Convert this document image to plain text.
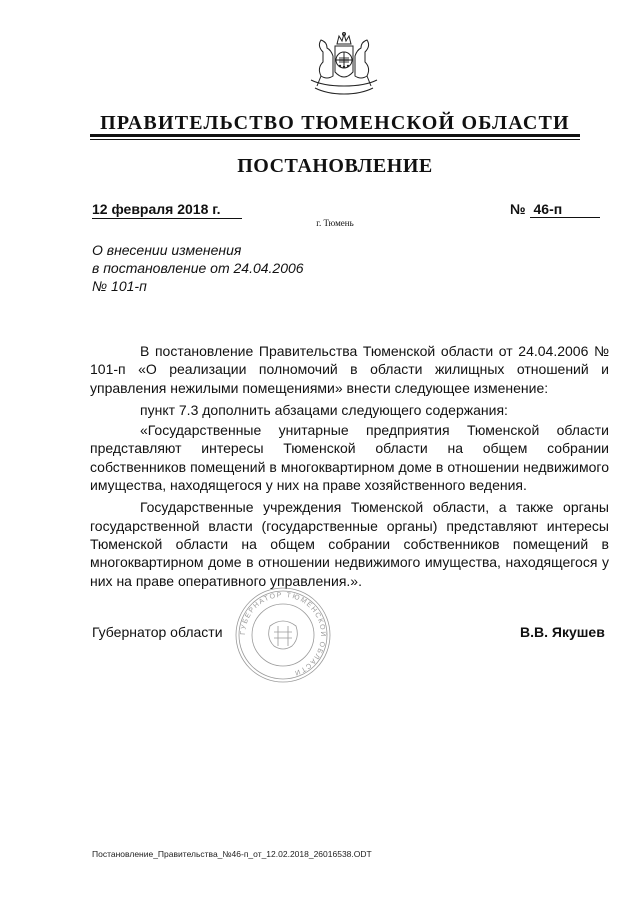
ПРАВИТЕЛЬСТВО ТЮМЕНСКОЙ ОБЛАСТИ
ПОСТАНОВЛЕНИЕ
12 февраля 2018 г.	№ 46-п
г. Тюмень
О внесении изменения
в постановление от 24.04.2006
№ 101-п

В постановление Правительства Тюменской области от 24.04.2006 № 101-п «О реализации полномочий в области жилищных отношений и управления нежилыми помещениями» внести следующее изменение:

пункт 7.3 дополнить абзацами следующего содержания:

«Государственные унитарные предприятия Тюменской области представляют интересы Тюменской области на общем собрании собственников помещений в многоквартирном доме в отношении недвижимого имущества, находящегося у них на праве хозяйственного ведения.

Государственные учреждения Тюменской области, а также органы государственной власти (государственные органы) представляют интересы Тюменской области на общем собрании собственников помещений в многоквартирном доме в отношении недвижимого имущества, находящегося у них на праве оперативного управления.».

ГУБЕРНАТОР ТЮМЕНСКОЙ ОБЛАСТИ
Губернатор области	В.В. Якушев
Постановление_Правительства_№46-п_от_12.02.2018_26016538.ODT
